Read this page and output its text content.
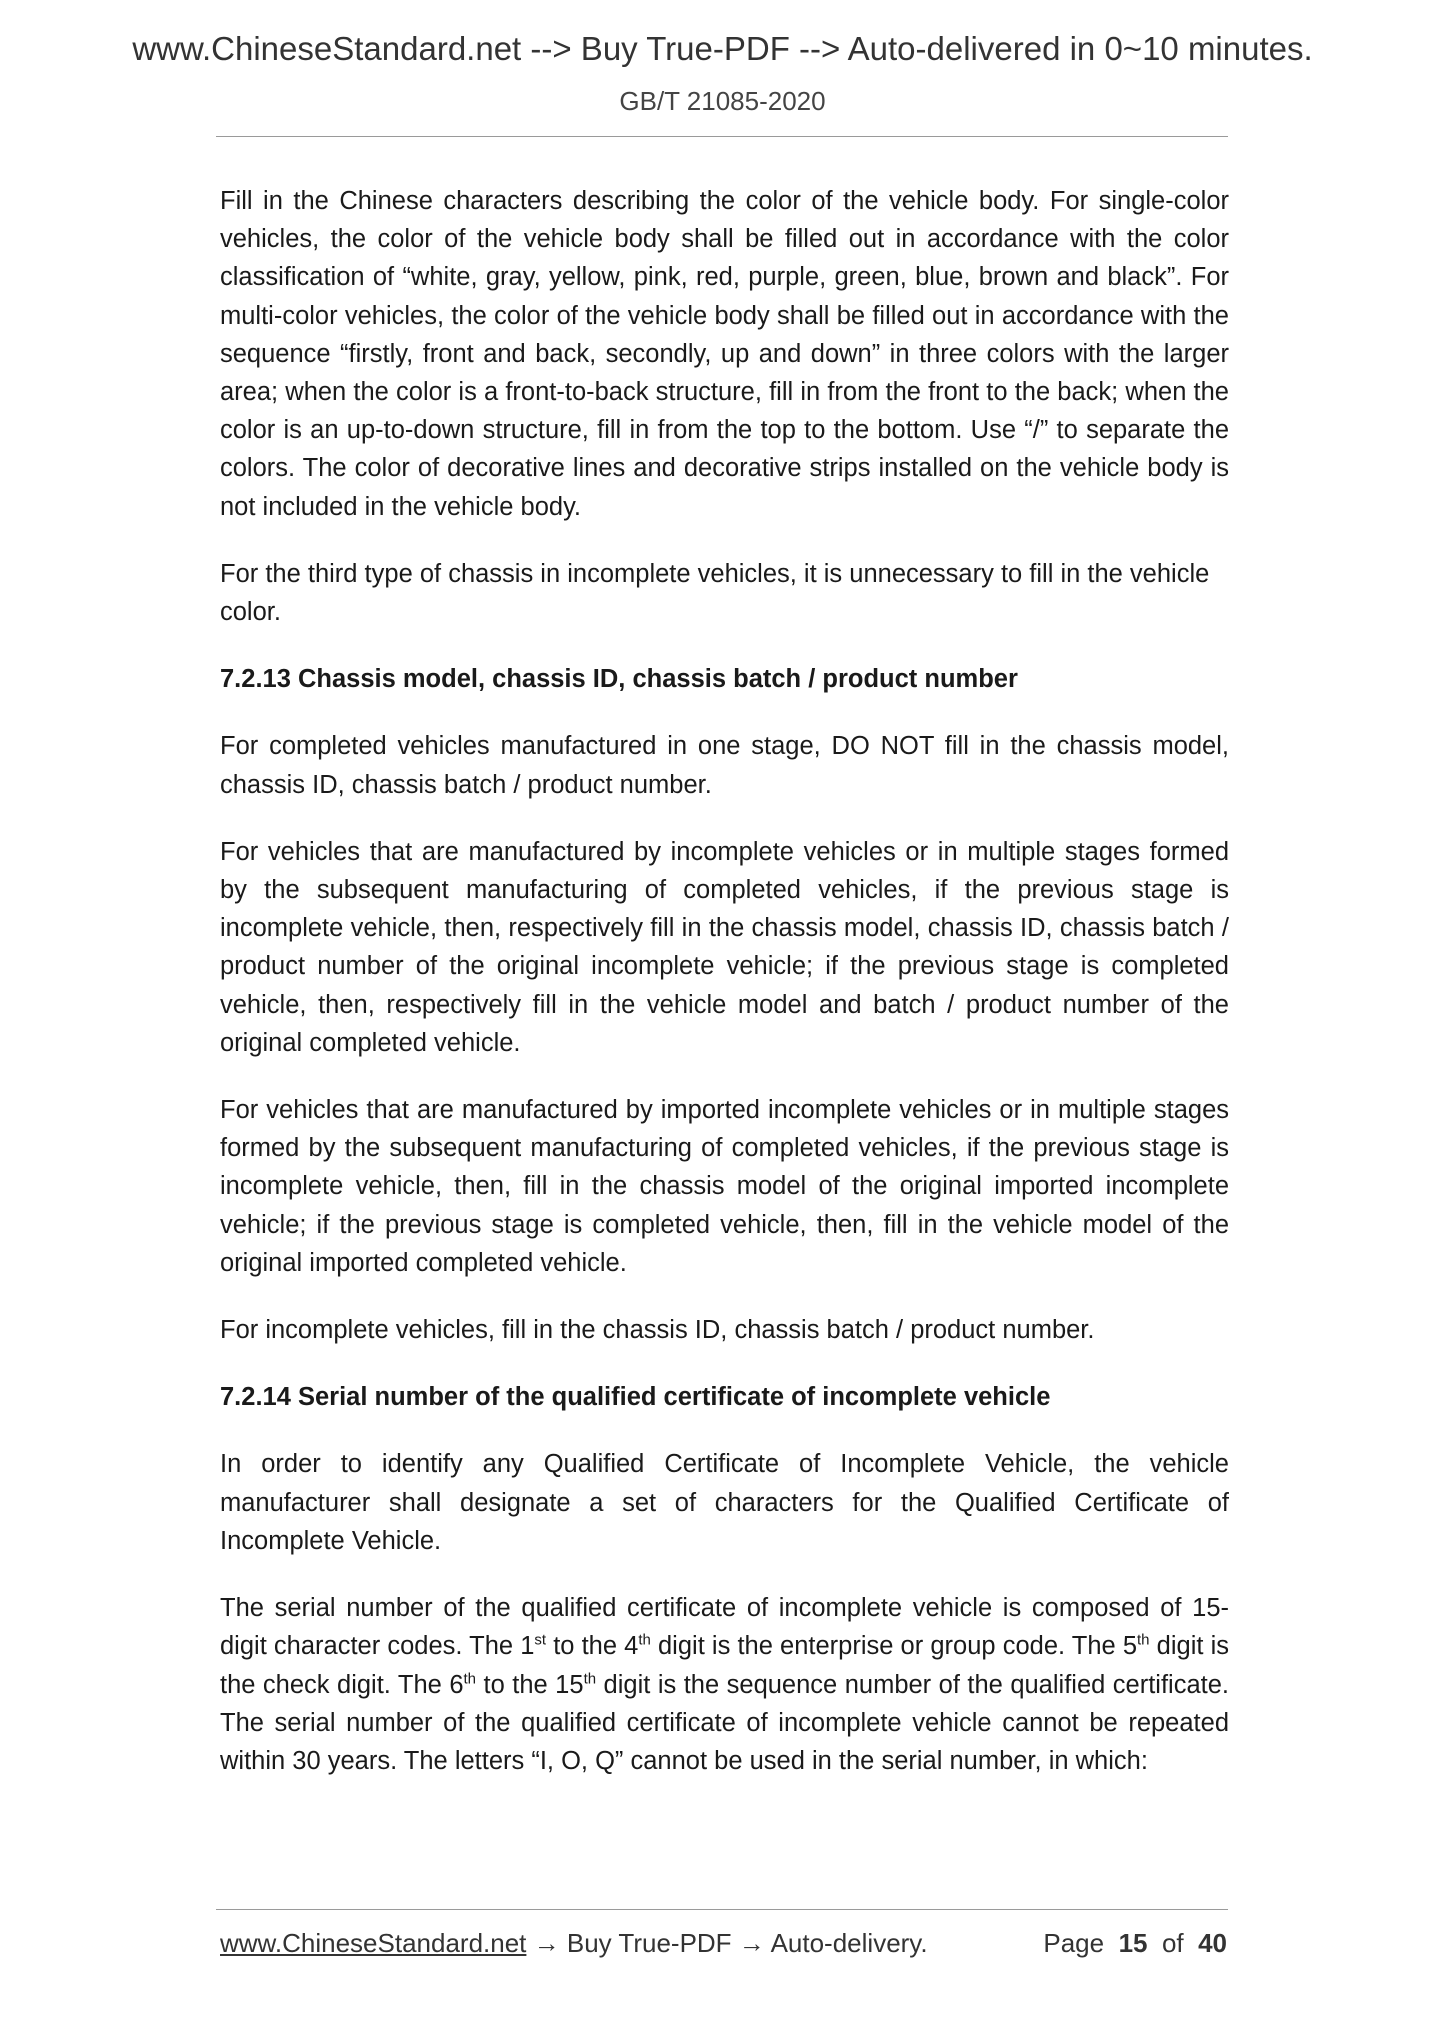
www.ChineseStandard.net --> Buy True-PDF --> Auto-delivered in 0~10 minutes.
GB/T 21085-2020

Fill in the Chinese characters describing the color of the vehicle body. For single-color vehicles, the color of the vehicle body shall be filled out in accordance with the color classification of “white, gray, yellow, pink, red, purple, green, blue, brown and black”. For multi-color vehicles, the color of the vehicle body shall be filled out in accordance with the sequence “firstly, front and back, secondly, up and down” in three colors with the larger area; when the color is a front-to-back structure, fill in from the front to the back; when the color is an up-to-down structure, fill in from the top to the bottom. Use “/” to separate the colors. The color of decorative lines and decorative strips installed on the vehicle body is not included in the vehicle body.

For the third type of chassis in incomplete vehicles, it is unnecessary to fill in the vehicle color.

7.2.13 Chassis model, chassis ID, chassis batch / product number

For completed vehicles manufactured in one stage, DO NOT fill in the chassis model, chassis ID, chassis batch / product number.

For vehicles that are manufactured by incomplete vehicles or in multiple stages formed by the subsequent manufacturing of completed vehicles, if the previous stage is incomplete vehicle, then, respectively fill in the chassis model, chassis ID, chassis batch / product number of the original incomplete vehicle; if the previous stage is completed vehicle, then, respectively fill in the vehicle model and batch / product number of the original completed vehicle.

For vehicles that are manufactured by imported incomplete vehicles or in multiple stages formed by the subsequent manufacturing of completed vehicles, if the previous stage is incomplete vehicle, then, fill in the chassis model of the original imported incomplete vehicle; if the previous stage is completed vehicle, then, fill in the vehicle model of the original imported completed vehicle.

For incomplete vehicles, fill in the chassis ID, chassis batch / product number.

7.2.14 Serial number of the qualified certificate of incomplete vehicle

In order to identify any Qualified Certificate of Incomplete Vehicle, the vehicle manufacturer shall designate a set of characters for the Qualified Certificate of Incomplete Vehicle.

The serial number of the qualified certificate of incomplete vehicle is composed of 15-digit character codes. The 1st to the 4th digit is the enterprise or group code. The 5th digit is the check digit. The 6th to the 15th digit is the sequence number of the qualified certificate. The serial number of the qualified certificate of incomplete vehicle cannot be repeated within 30 years. The letters “I, O, Q” cannot be used in the serial number, in which:

www.ChineseStandard.net → Buy True-PDF → Auto-delivery.	Page 15 of 40
